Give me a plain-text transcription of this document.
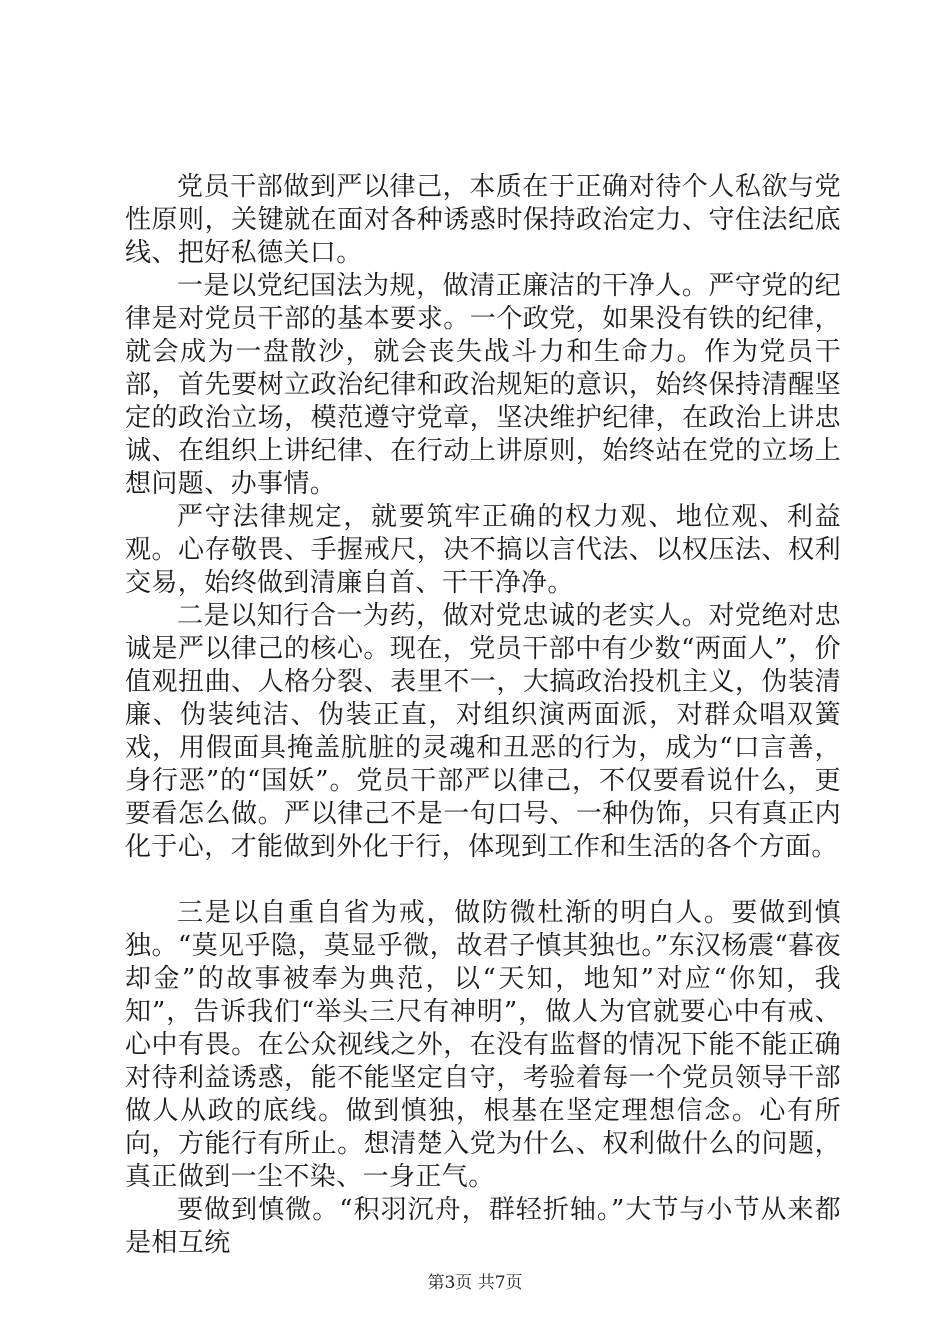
党员干部做到严以律己，本质在于正确对待个人私欲与党性原则，关键就在面对各种诱惑时保持政治定力、守住法纪底线、把好私德关口。

一是以党纪国法为规，做清正廉洁的干净人。严守党的纪律是对党员干部的基本要求。一个政党，如果没有铁的纪律，就会成为一盘散沙，就会丧失战斗力和生命力。作为党员干部，首先要树立政治纪律和政治规矩的意识，始终保持清醒坚定的政治立场，模范遵守党章，坚决维护纪律，在政治上讲忠诚、在组织上讲纪律、在行动上讲原则，始终站在党的立场上想问题、办事情。

严守法律规定，就要筑牢正确的权力观、地位观、利益观。心存敬畏、手握戒尺，决不搞以言代法、以权压法、权利交易，始终做到清廉自首、干干净净。

二是以知行合一为药，做对党忠诚的老实人。对党绝对忠诚是严以律己的核心。现在，党员干部中有少数“两面人”，价值观扭曲、人格分裂、表里不一，大搞政治投机主义，伪装清廉、伪装纯洁、伪装正直，对组织演两面派，对群众唱双簧戏，用假面具掩盖肮脏的灵魂和丑恶的行为，成为“口言善，身行恶”的“国妖”。党员干部严以律己，不仅要看说什么，更要看怎么做。严以律己不是一句口号、一种伪饰，只有真正内化于心，才能做到外化于行，体现到工作和生活的各个方面。

三是以自重自省为戒，做防微杜渐的明白人。要做到慎独。“莫见乎隐，莫显乎微，故君子慎其独也。”东汉杨震“暮夜却金”的故事被奉为典范，以“天知，地知”对应“你知，我知”，告诉我们“举头三尺有神明”，做人为官就要心中有戒、心中有畏。在公众视线之外，在没有监督的情况下能不能正确对待利益诱惑，能不能坚定自守，考验着每一个党员领导干部做人从政的底线。做到慎独，根基在坚定理想信念。心有所向，方能行有所止。想清楚入党为什么、权利做什么的问题，真正做到一尘不染、一身正气。

要做到慎微。“积羽沉舟，群轻折轴。”大节与小节从来都是相互统

第3页 共7页
